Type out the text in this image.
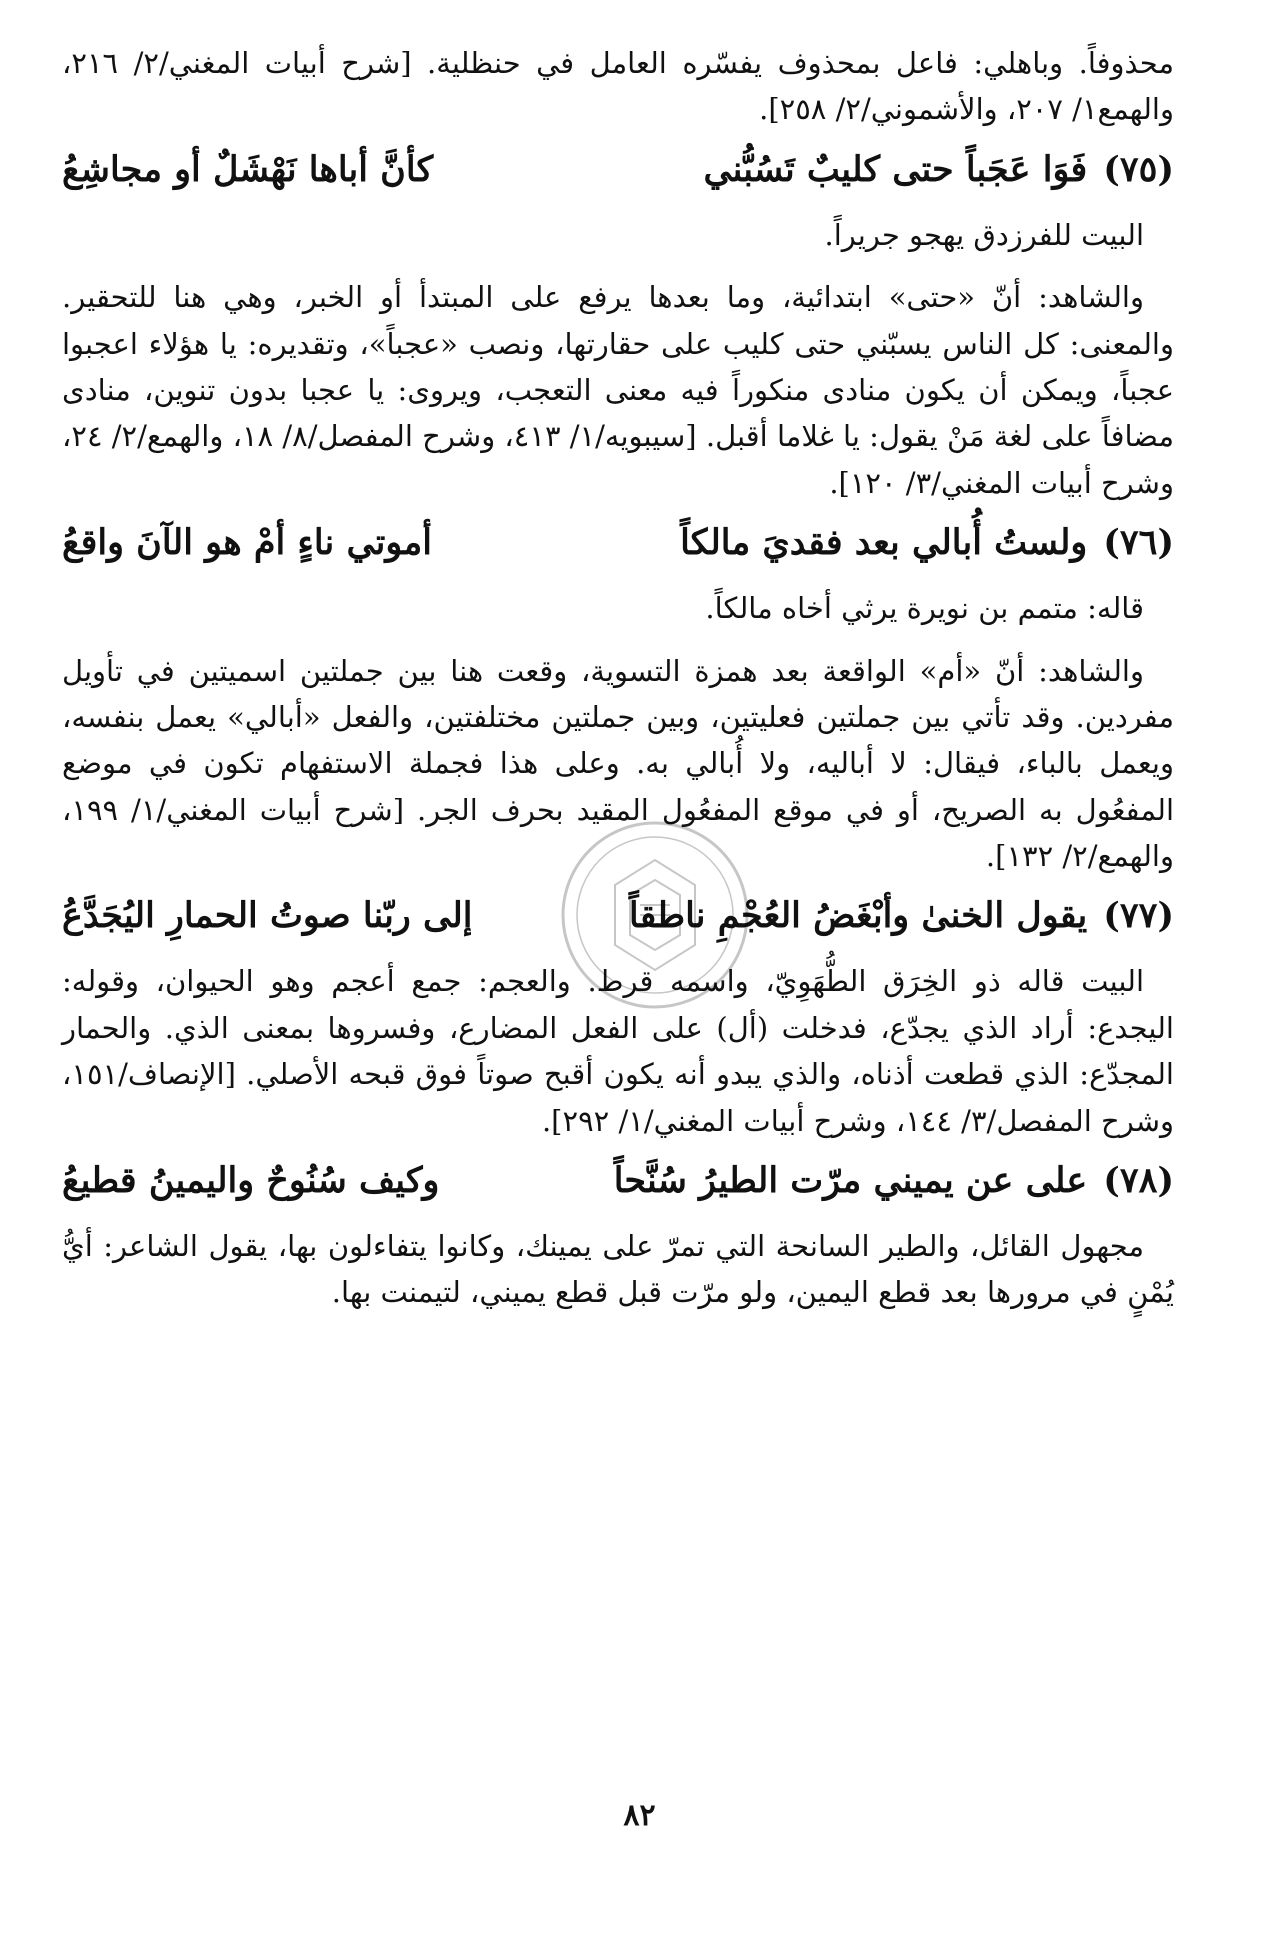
محذوفاً. وباهلي: فاعل بمحذوف يفسّره العامل في حنظلية. [شرح أبيات المغني/٢/ ٢١٦، والهمع١/ ٢٠٧، والأشموني/٢/ ٢٥٨].

(٧٥)
فَوَا عَجَباً حتى كليبٌ تَسُبُّني
كأنَّ أباها نَهْشَلٌ أو مجاشِعُ

البيت للفرزدق يهجو جريراً.

والشاهد: أنّ «حتى» ابتدائية، وما بعدها يرفع على المبتدأ أو الخبر، وهي هنا للتحقير. والمعنى: كل الناس يسبّني حتى كليب على حقارتها، ونصب «عجباً»، وتقديره: يا هؤلاء اعجبوا عجباً، ويمكن أن يكون منادى منكوراً فيه معنى التعجب، ويروى: يا عجبا بدون تنوين، منادى مضافاً على لغة مَنْ يقول: يا غلاما أقبل. [سيبويه/١/ ٤١٣، وشرح المفصل/٨/ ١٨، والهمع/٢/ ٢٤، وشرح أبيات المغني/٣/ ١٢٠].

(٧٦)
ولستُ أُبالي بعد فقديَ مالكاً
أموتي ناءٍ أمْ هو الآنَ واقعُ

قاله: متمم بن نويرة يرثي أخاه مالكاً.

والشاهد: أنّ «أم» الواقعة بعد همزة التسوية، وقعت هنا بين جملتين اسميتين في تأويل مفردين. وقد تأتي بين جملتين فعليتين، وبين جملتين مختلفتين، والفعل «أبالي» يعمل بنفسه، ويعمل بالباء، فيقال: لا أباليه، ولا أُبالي به. وعلى هذا فجملة الاستفهام تكون في موضع المفعُول به الصريح، أو في موقع المفعُول المقيد بحرف الجر. [شرح أبيات المغني/١/ ١٩٩، والهمع/٢/ ١٣٢].

(٧٧)
يقول الخنىٰ وأبْغَضُ العُجْمِ ناطقاً
إلى ربّنا صوتُ الحمارِ اليُجَدَّعُ

البيت قاله ذو الخِرَق الطُّهَوِيّ، واسمه قرط. والعجم: جمع أعجم وهو الحيوان، وقوله: اليجدع: أراد الذي يجدّع، فدخلت (أل) على الفعل المضارع، وفسروها بمعنى الذي. والحمار المجدّع: الذي قطعت أذناه، والذي يبدو أنه يكون أقبح صوتاً فوق قبحه الأصلي. [الإنصاف/١٥١، وشرح المفصل/٣/ ١٤٤، وشرح أبيات المغني/١/ ٢٩٢].

(٧٨)
على عن يميني مرّت الطيرُ سُنَّحاً
وكيف سُنُوحٌ واليمينُ قطيعُ

مجهول القائل، والطير السانحة التي تمرّ على يمينك، وكانوا يتفاءلون بها، يقول الشاعر: أيُّ يُمْنٍ في مرورها بعد قطع اليمين، ولو مرّت قبل قطع يميني، لتيمنت بها.

٨٢
